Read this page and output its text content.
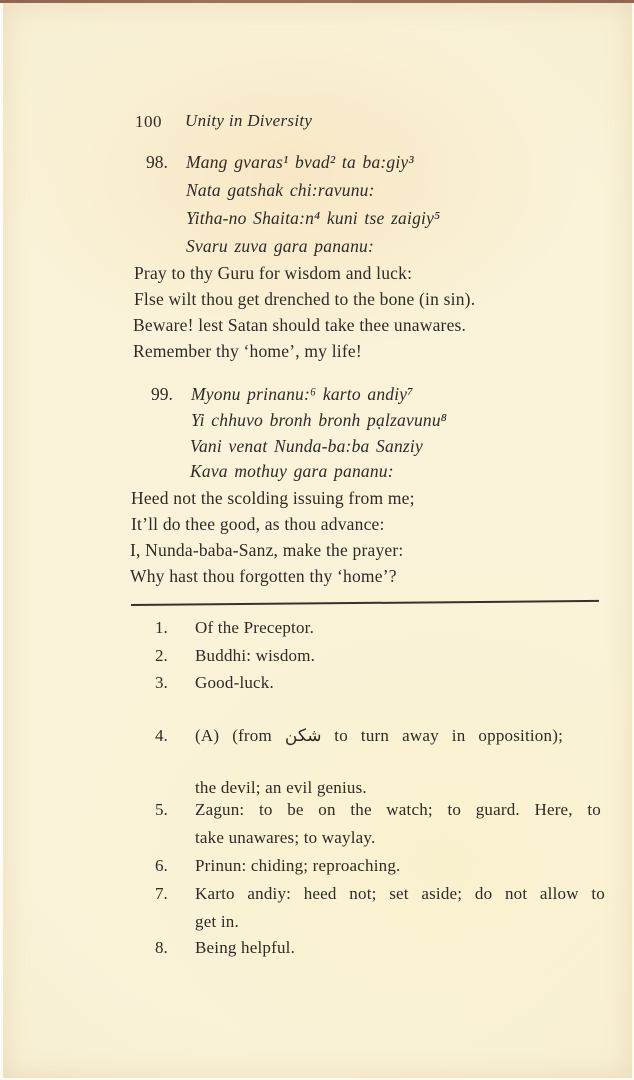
100 Unity in Diversity
98. Mang gvaras¹ bvad² ta ba:giy³
Nata gatshak chi:ravunu:
Yitha-no Shaita:n⁴ kuni tse zaigiy⁵
Svaru zuva gara pananu:
Pray to thy Guru for wisdom and luck:
Flse wilt thou get drenched to the bone (in sin).
Beware! lest Satan should take thee unawares.
Remember thy ‘home’, my life!
99. Myonu prinanu:⁶ karto andiy⁷
Yi chhuvo bronh bronh pạlzavunu⁸
Vani venat Nunda-ba:ba Sanziy
Kava mothuy gara pananu:
Heed not the scolding issuing from me;
It’ll do thee good, as thou advance:
I, Nunda-baba-Sanz, make the prayer:
Why hast thou forgotten thy ‘home’?
1. Of the Preceptor.
2. Buddhi: wisdom.
3. Good-luck.
4. (A) (from شكن to turn away in opposition);
the devil; an evil genius.
5. Zagun: to be on the watch; to guard. Here, to
take unawares; to waylay.
6. Prinun: chiding; reproaching.
7. Karto andiy: heed not; set aside; do not allow to
get in.
8. Being helpful.
